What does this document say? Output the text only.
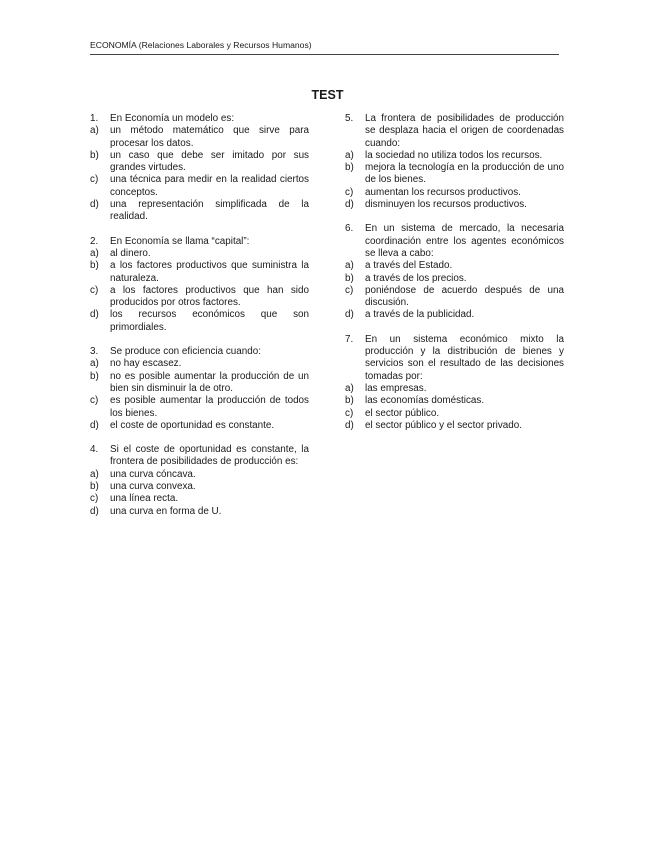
ECONOMÍA (Relaciones Laborales y Recursos Humanos)
TEST
1.	En Economía un modelo es:
a)	un método matemático que sirve para procesar los datos.
b)	un caso que debe ser imitado por sus grandes virtudes.
c)	una técnica para medir en la realidad ciertos conceptos.
d)	una representación simplificada de la realidad.
2.	En Economía se llama “capital”:
a)	al dinero.
b)	a los factores productivos que suministra la naturaleza.
c)	a los factores productivos que han sido producidos por otros factores.
d)	los recursos económicos que son primordiales.
3.	Se produce con eficiencia cuando:
a)	no hay escasez.
b)	no es posible aumentar la producción de un bien sin disminuir la de otro.
c)	es posible aumentar la producción de todos los bienes.
d)	el coste de oportunidad es constante.
4.	Si el coste de oportunidad es constante, la frontera de posibilidades de producción es:
a)	una curva cóncava.
b)	una curva convexa.
c)	una línea recta.
d)	una curva en forma de U.
5.	La frontera de posibilidades de producción se desplaza hacia el origen de coordenadas cuando:
a)	la sociedad no utiliza todos los recursos.
b)	mejora la tecnología en la producción de uno de los bienes.
c)	aumentan los recursos productivos.
d)	disminuyen los recursos productivos.
6.	En un sistema de mercado, la necesaria coordinación entre los agentes económicos se lleva a cabo:
a)	a través del Estado.
b)	a través de los precios.
c)	poniéndose de acuerdo después de una discusión.
d)	a través de la publicidad.
7.	En un sistema económico mixto la producción y la distribución de bienes y servicios son el resultado de las decisiones tomadas por:
a)	las empresas.
b)	las economías domésticas.
c)	el sector público.
d)	el sector público y el sector privado.
